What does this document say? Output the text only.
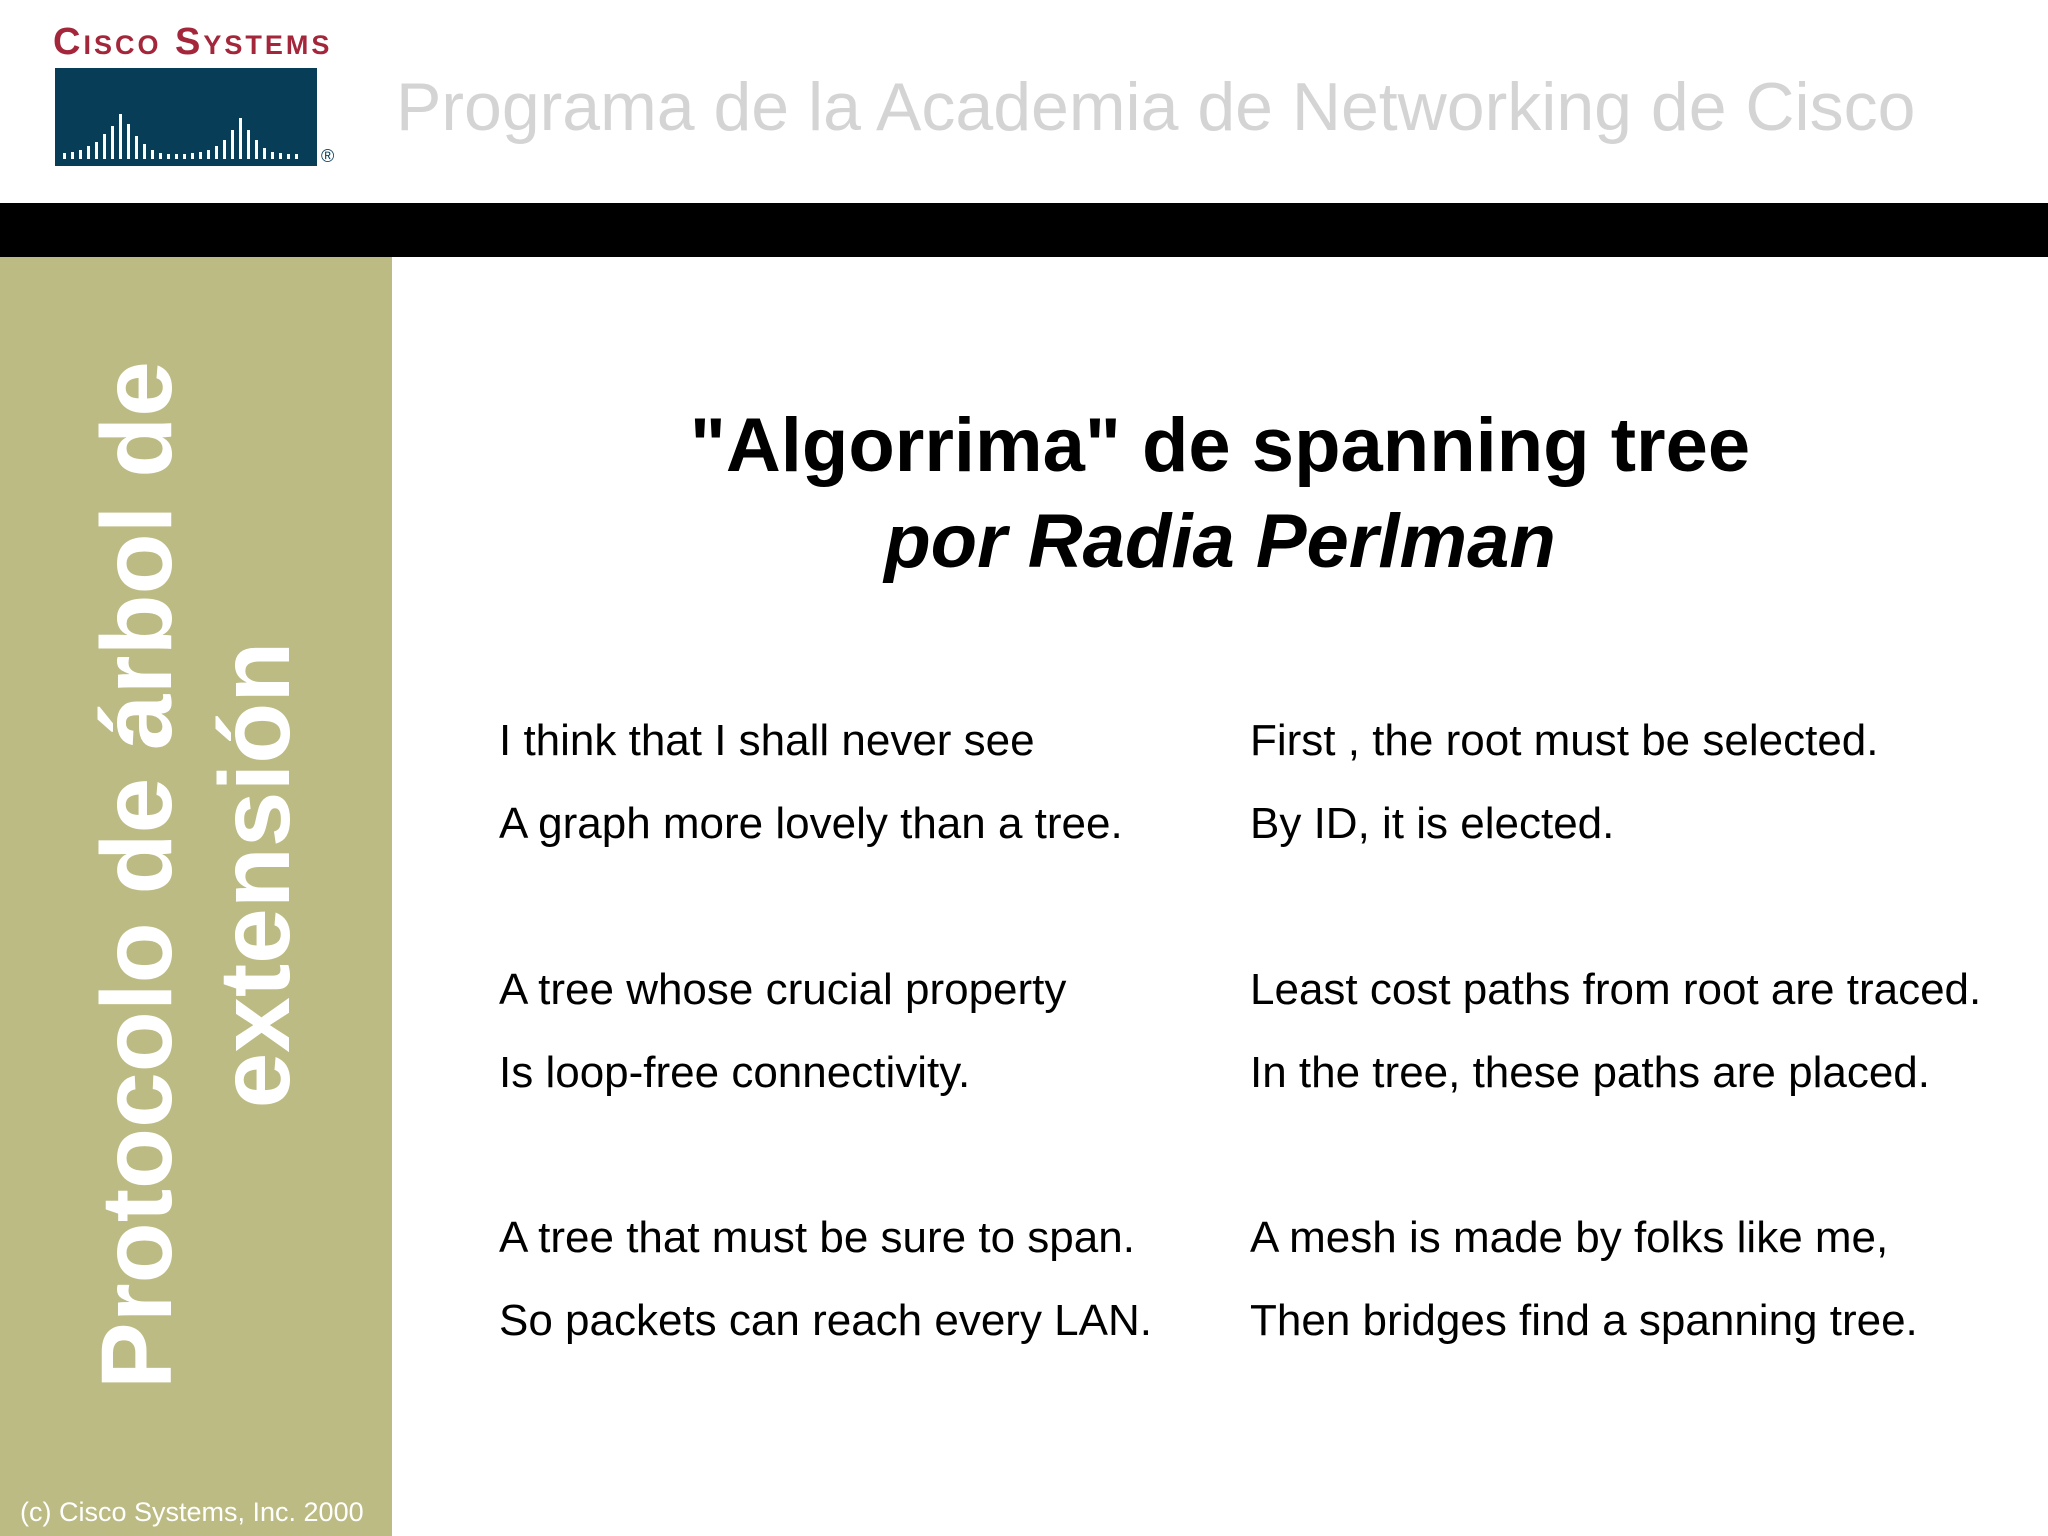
Cisco Systems
®
Programa de la Academia de Networking de Cisco
Protocolo de árbol de extensión
(c) Cisco Systems, Inc. 2000
"Algorrima" de spanning tree
por Radia Perlman
I think that I shall never see
A graph more lovely than a tree.
A tree whose crucial property
Is loop-free connectivity.
A tree that must be sure to span.
So packets can reach every LAN.
First , the root must be selected.
By ID, it is elected.
Least cost paths from root are traced.
In the tree, these paths are placed.
A mesh is made by folks like me,
Then bridges find a spanning tree.
